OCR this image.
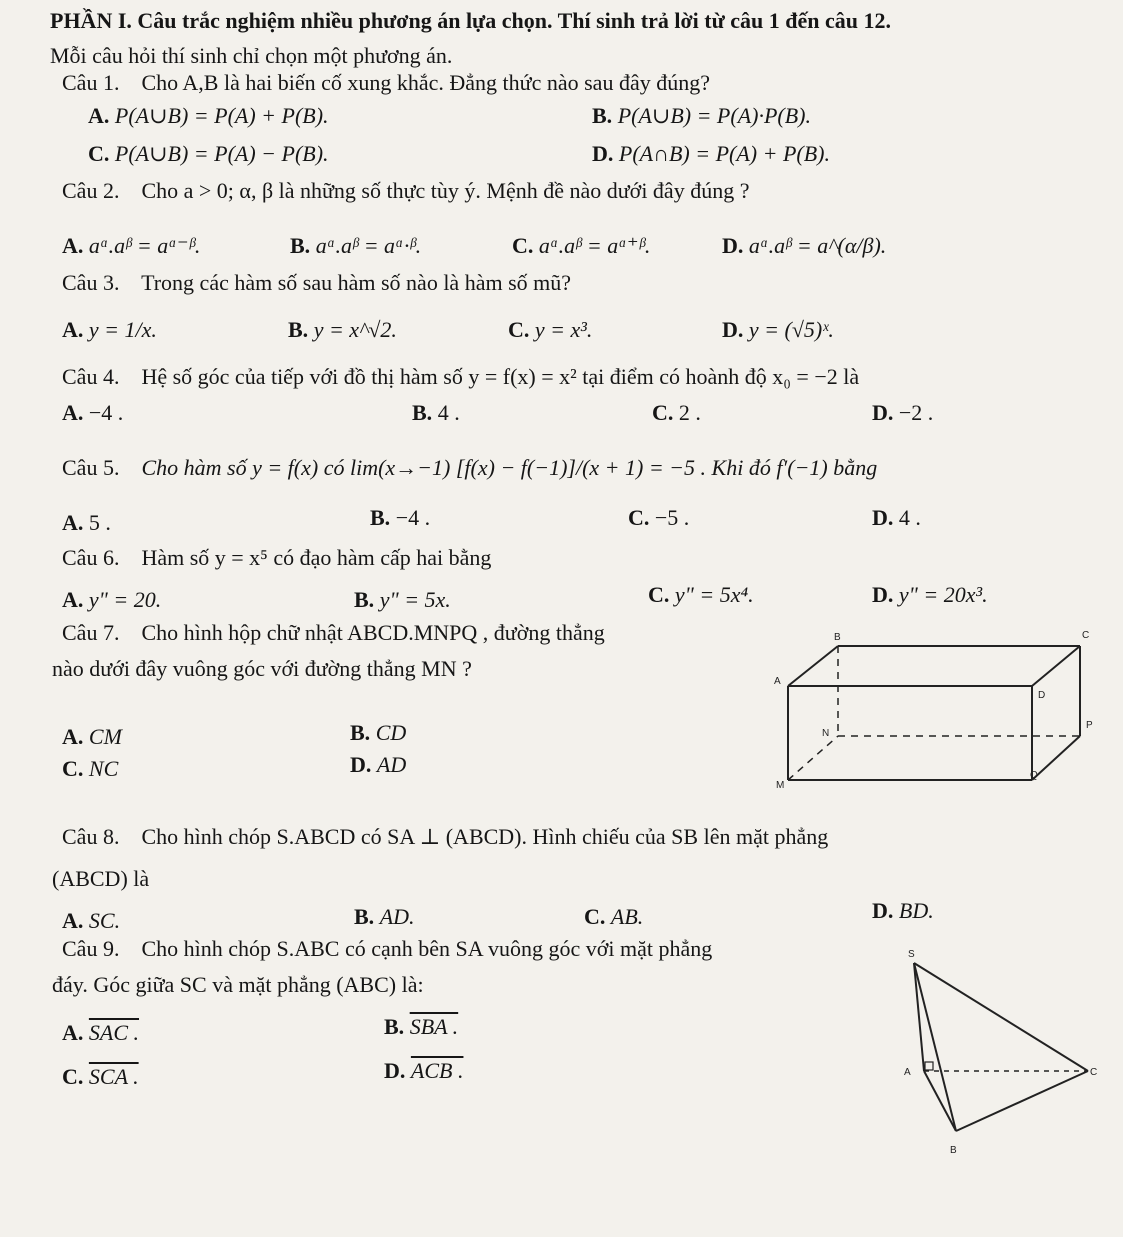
PHẦN I. Câu trắc nghiệm nhiều phương án lựa chọn. Thí sinh trả lời từ câu 1 đến câu 12.
Mỗi câu hỏi thí sinh chỉ chọn một phương án.
Câu 1. Cho A,B là hai biến cố xung khắc. Đẳng thức nào sau đây đúng?
A. P(A∪B) = P(A) + P(B).	B. P(A∪B) = P(A)·P(B).
C. P(A∪B) = P(A) − P(B).	D. P(A∩B) = P(A) + P(B).
Câu 2. Cho a > 0; α, β là những số thực tùy ý. Mệnh đề nào dưới đây đúng ?
A. aᵅ.aᵝ = aᵅ⁻ᵝ.	B. aᵅ.aᵝ = aᵅ·ᵝ.	C. aᵅ.aᵝ = aᵅ⁺ᵝ.	D. aᵅ.aᵝ = a^(α/β).
Câu 3. Trong các hàm số sau hàm số nào là hàm số mũ?
A. y = 1/x.	B. y = x^√2.	C. y = x³.	D. y = (√5)ˣ.
Câu 4. Hệ số góc của tiếp với đồ thị hàm số y = f(x) = x² tại điểm có hoành độ x₀ = −2 là
A. −4 .	B. 4 .	C. 2 .	D. −2 .
Câu 5. Cho hàm số y = f(x) có lim(x→−1) [f(x) − f(−1)]/(x + 1) = −5 . Khi đó f′(−1) bằng
A. 5 .	B. −4 .	C. −5 .	D. 4 .
Câu 6. Hàm số y = x⁵ có đạo hàm cấp hai bằng
A. y" = 20.	B. y" = 5x.	C. y" = 5x⁴.	D. y" = 20x³.
Câu 7. Cho hình hộp chữ nhật ABCD.MNPQ , đường thẳng
nào dưới đây vuông góc với đường thẳng MN ?
A. CM	B. CD
C. NC	D. AD
B	C
A
D
N
P
M
Q
Câu 8. Cho hình chóp S.ABCD có SA ⊥ (ABCD). Hình chiếu của SB lên mặt phẳng
(ABCD) là
A. SC.	B. AD.	C. AB.	D. BD.
Câu 9. Cho hình chóp S.ABC có cạnh bên SA vuông góc với mặt phẳng
đáy. Góc giữa SC và mặt phẳng (ABC) là:
A. SAC .	B. SBA .
C. SCA .	D. ACB .
S
A	C
B
